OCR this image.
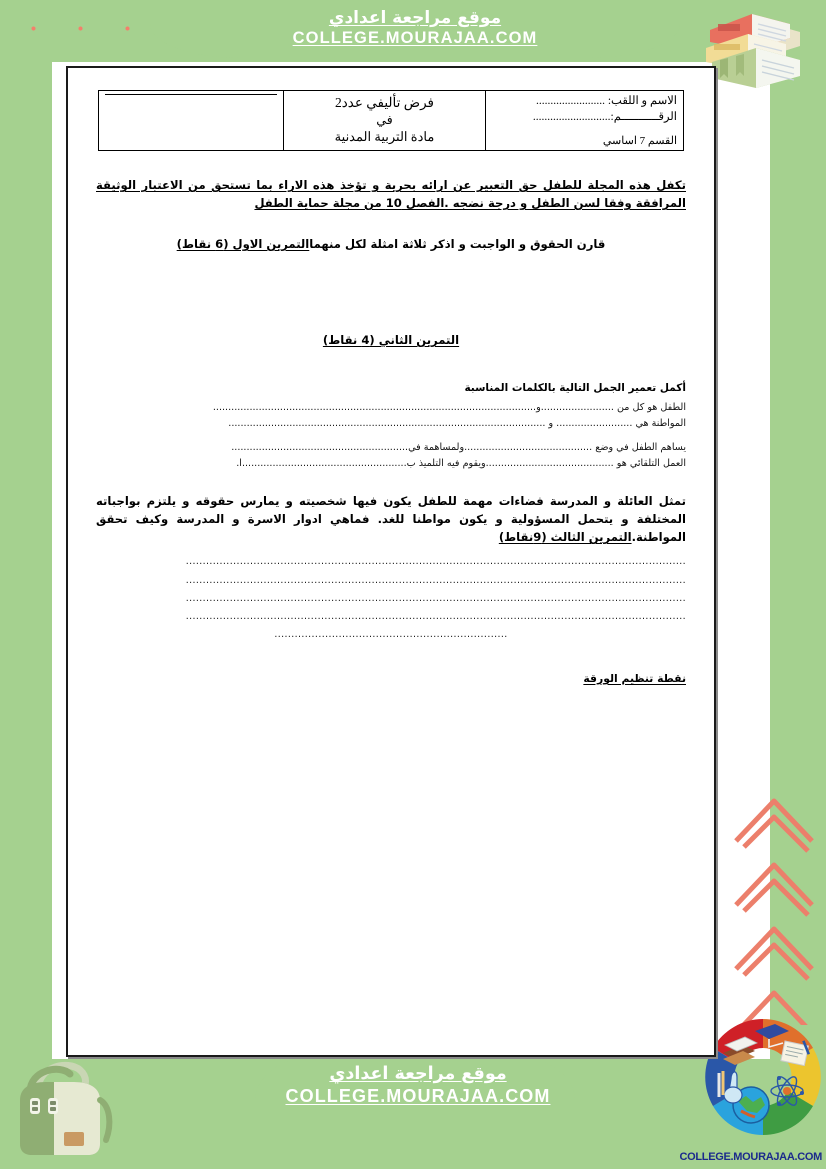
موقع مراجعة اعدادي
COLLEGE.MOURAJAA.COM
موقع مراجعة اعدادي
COLLEGE.MOURAJAA.COM
COLLEGE.MOURAJAA.COM
الاسم و اللقب: ........................
الرقـــــــــــم:...........................
القسم 7 اساسي

فرض تأليفي عدد2
في
مادة التربية المدنية

تكفل هذه المجلة للطفل حق التعبير عن ارائه بحرية و تؤخذ هذه الاراء بما تستحق من الاعتبار الوثيقة المرافقة وفقا لسن الطفل و درجة نضجه .الفصل 10 من مجلة حماية الطفل
قارن الحقوق و الواجبت و اذكر ثلاثة امثلة لكل منهماالتمرين الاول (6 نقاط)
التمرين الثاني (4 نقاط)
أكمل تعمير الجمل التالية بالكلمات المناسبة
الطفل هو كل من ........................و..........................................................................................................
المواطنة هي ......................... و ........................................................................................................
يساهم الطفل في وضع ..........................................ولمساهمة في..........................................................
العمل التلقائي هو ..........................................ويقوم فيه التلميذ ب......................................................ا.
تمثل العائلة و المدرسة فضاءات مهمة للطفل يكون فيها شخصيته و يمارس حقوقه و يلتزم بواجباته المختلفة و يتحمل المسؤولية و يكون مواطنا للغد. فماهي ادوار الاسرة و المدرسة وكيف تحقق المواطنة.التمرين الثالث (9نقاط)
....................................................................................................................................................
....................................................................................................................................................
....................................................................................................................................................
....................................................................................................................................................
.....................................................................
نقطة تنظيم الورقة
